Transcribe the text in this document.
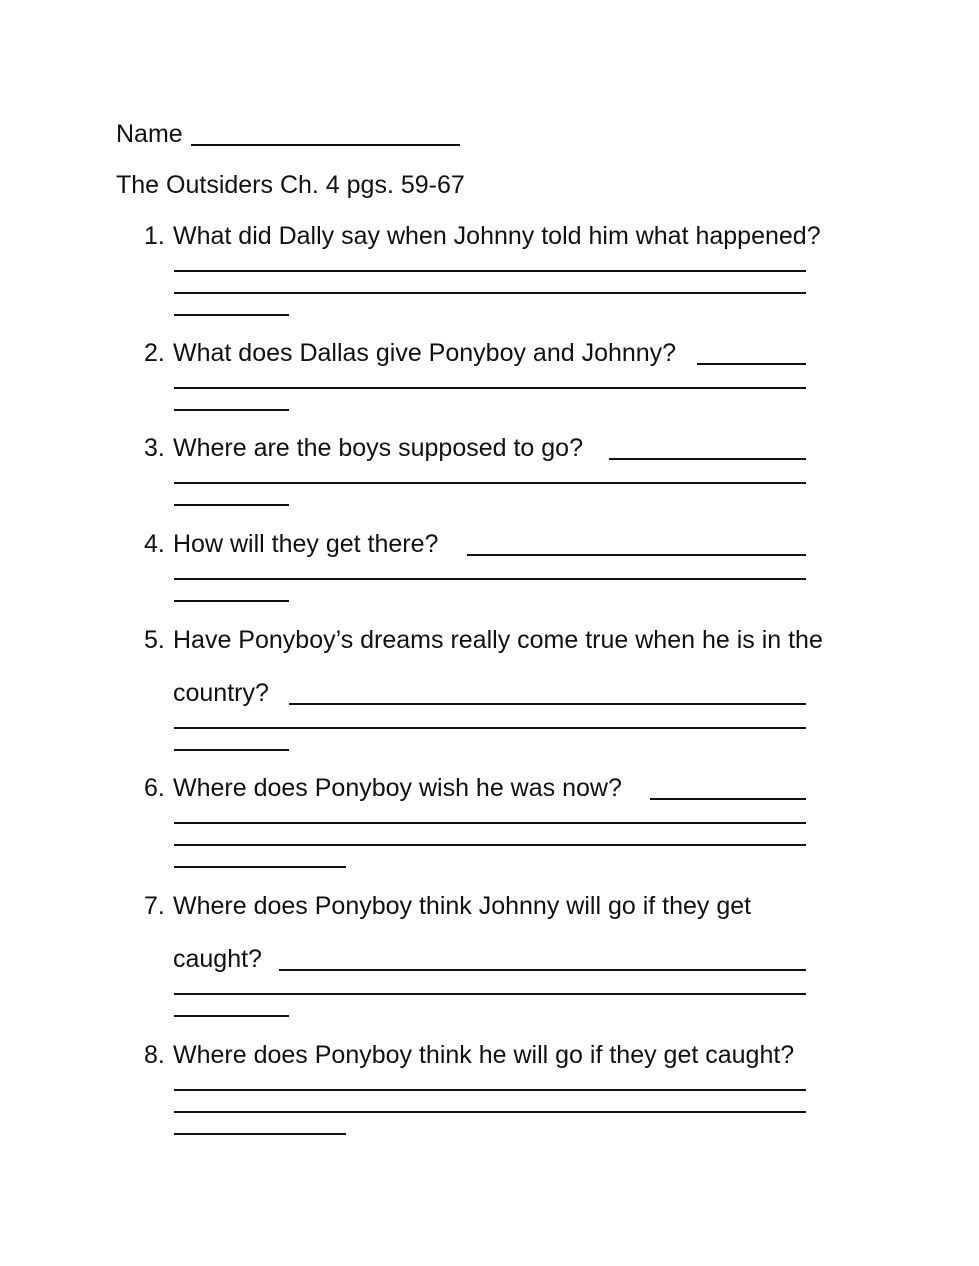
Name
The Outsiders Ch. 4 pgs. 59-67
1. What did Dally say when Johnny told him what happened?
2. What does Dallas give Ponyboy and Johnny?
3. Where are the boys supposed to go?
4. How will they get there?
5. Have Ponyboy’s dreams really come true when he is in the
country?
6. Where does Ponyboy wish he was now?
7. Where does Ponyboy think Johnny will go if they get
caught?
8. Where does Ponyboy think he will go if they get caught?
